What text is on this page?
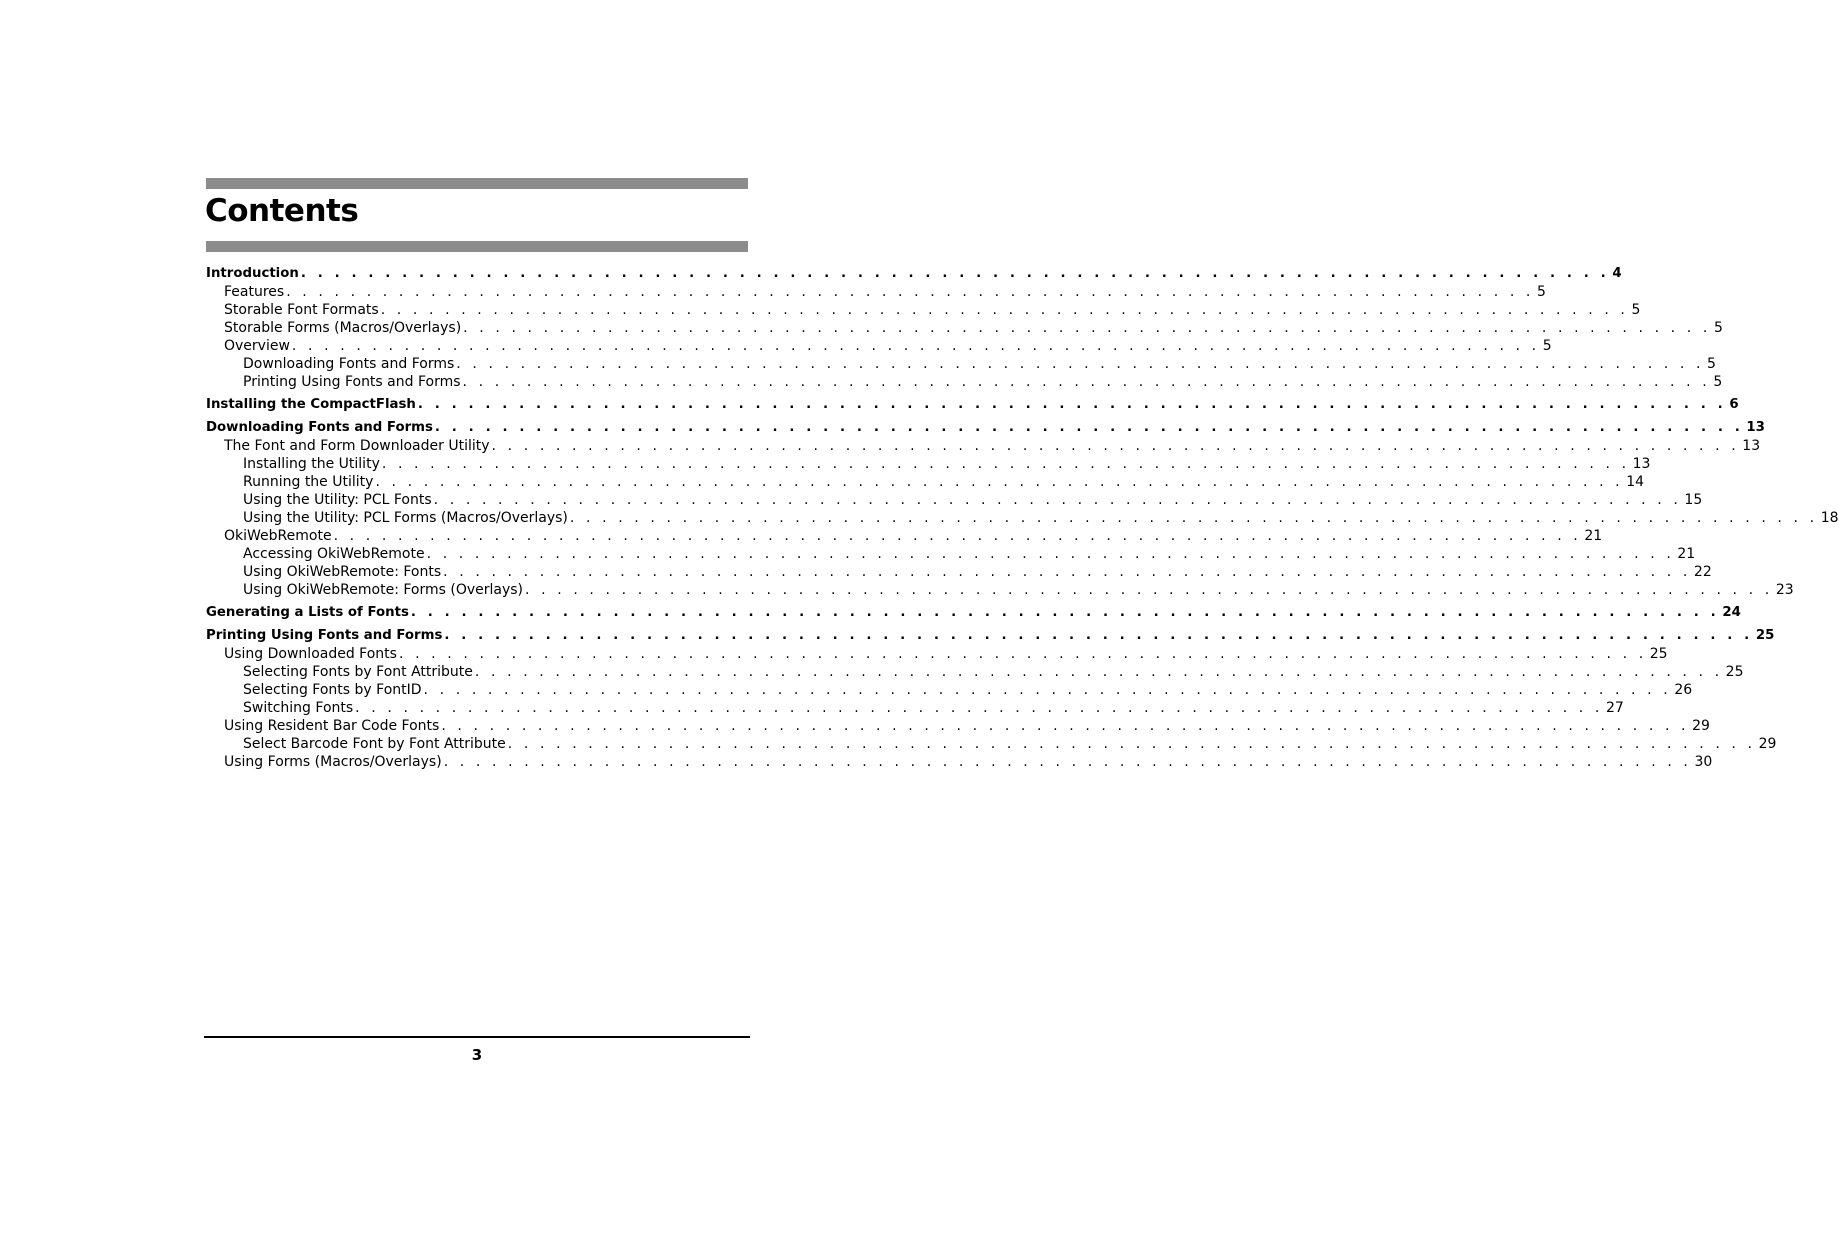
Contents
Introduction . . . . . . . . . . . . . . . . . . . . . . . . . . . . . . . . . . . . . . . . . . . . . . . . . . . . . . . . . . . . . . . . . . . . . . . . . . . . . . 4
Features . . . . . . . . . . . . . . . . . . . . . . . . . . . . . . . . . . . . . . . . . . . . . . . . . . . . . . . . . . . . . . . . . . . . . . . . . . . . . . 5
Storable Font Formats . . . . . . . . . . . . . . . . . . . . . . . . . . . . . . . . . . . . . . . . . . . . . . . . . . . . . . . . . . . . . . . . . . . . . . . . . . . . . . 5
Storable Forms (Macros/Overlays) . . . . . . . . . . . . . . . . . . . . . . . . . . . . . . . . . . . . . . . . . . . . . . . . . . . . . . . . . . . . . . . . . . . . . . . . . . . . . . 5
Overview . . . . . . . . . . . . . . . . . . . . . . . . . . . . . . . . . . . . . . . . . . . . . . . . . . . . . . . . . . . . . . . . . . . . . . . . . . . . . . 5
Downloading Fonts and Forms . . . . . . . . . . . . . . . . . . . . . . . . . . . . . . . . . . . . . . . . . . . . . . . . . . . . . . . . . . . . . . . . . . . . . . . . . . . . . . 5
Printing Using Fonts and Forms . . . . . . . . . . . . . . . . . . . . . . . . . . . . . . . . . . . . . . . . . . . . . . . . . . . . . . . . . . . . . . . . . . . . . . . . . . . . . . 5
Installing the CompactFlash . . . . . . . . . . . . . . . . . . . . . . . . . . . . . . . . . . . . . . . . . . . . . . . . . . . . . . . . . . . . . . . . . . . . . . . . . . . . . . 6
Downloading Fonts and Forms . . . . . . . . . . . . . . . . . . . . . . . . . . . . . . . . . . . . . . . . . . . . . . . . . . . . . . . . . . . . . . . . . . . . . . . . . . . . . . 13
The Font and Form Downloader Utility . . . . . . . . . . . . . . . . . . . . . . . . . . . . . . . . . . . . . . . . . . . . . . . . . . . . . . . . . . . . . . . . . . . . . . . . . . . . . . 13
Installing the Utility . . . . . . . . . . . . . . . . . . . . . . . . . . . . . . . . . . . . . . . . . . . . . . . . . . . . . . . . . . . . . . . . . . . . . . . . . . . . . . 13
Running the Utility . . . . . . . . . . . . . . . . . . . . . . . . . . . . . . . . . . . . . . . . . . . . . . . . . . . . . . . . . . . . . . . . . . . . . . . . . . . . . . 14
Using the Utility: PCL Fonts . . . . . . . . . . . . . . . . . . . . . . . . . . . . . . . . . . . . . . . . . . . . . . . . . . . . . . . . . . . . . . . . . . . . . . . . . . . . . . 15
Using the Utility: PCL Forms (Macros/Overlays) . . . . . . . . . . . . . . . . . . . . . . . . . . . . . . . . . . . . . . . . . . . . . . . . . . . . . . . . . . . . . . . . . . . . . . . . . . . . . . 18
OkiWebRemote . . . . . . . . . . . . . . . . . . . . . . . . . . . . . . . . . . . . . . . . . . . . . . . . . . . . . . . . . . . . . . . . . . . . . . . . . . . . . . 21
Accessing OkiWebRemote . . . . . . . . . . . . . . . . . . . . . . . . . . . . . . . . . . . . . . . . . . . . . . . . . . . . . . . . . . . . . . . . . . . . . . . . . . . . . . 21
Using OkiWebRemote: Fonts . . . . . . . . . . . . . . . . . . . . . . . . . . . . . . . . . . . . . . . . . . . . . . . . . . . . . . . . . . . . . . . . . . . . . . . . . . . . . . 22
Using OkiWebRemote: Forms (Overlays) . . . . . . . . . . . . . . . . . . . . . . . . . . . . . . . . . . . . . . . . . . . . . . . . . . . . . . . . . . . . . . . . . . . . . . . . . . . . . . 23
Generating a Lists of Fonts . . . . . . . . . . . . . . . . . . . . . . . . . . . . . . . . . . . . . . . . . . . . . . . . . . . . . . . . . . . . . . . . . . . . . . . . . . . . . . 24
Printing Using Fonts and Forms . . . . . . . . . . . . . . . . . . . . . . . . . . . . . . . . . . . . . . . . . . . . . . . . . . . . . . . . . . . . . . . . . . . . . . . . . . . . . . 25
Using Downloaded Fonts . . . . . . . . . . . . . . . . . . . . . . . . . . . . . . . . . . . . . . . . . . . . . . . . . . . . . . . . . . . . . . . . . . . . . . . . . . . . . . 25
Selecting Fonts by Font Attribute . . . . . . . . . . . . . . . . . . . . . . . . . . . . . . . . . . . . . . . . . . . . . . . . . . . . . . . . . . . . . . . . . . . . . . . . . . . . . . 25
Selecting Fonts by FontID . . . . . . . . . . . . . . . . . . . . . . . . . . . . . . . . . . . . . . . . . . . . . . . . . . . . . . . . . . . . . . . . . . . . . . . . . . . . . . 26
Switching Fonts . . . . . . . . . . . . . . . . . . . . . . . . . . . . . . . . . . . . . . . . . . . . . . . . . . . . . . . . . . . . . . . . . . . . . . . . . . . . . . 27
Using Resident Bar Code Fonts . . . . . . . . . . . . . . . . . . . . . . . . . . . . . . . . . . . . . . . . . . . . . . . . . . . . . . . . . . . . . . . . . . . . . . . . . . . . . . 29
Select Barcode Font by Font Attribute . . . . . . . . . . . . . . . . . . . . . . . . . . . . . . . . . . . . . . . . . . . . . . . . . . . . . . . . . . . . . . . . . . . . . . . . . . . . . . 29
Using Forms (Macros/Overlays) . . . . . . . . . . . . . . . . . . . . . . . . . . . . . . . . . . . . . . . . . . . . . . . . . . . . . . . . . . . . . . . . . . . . . . . . . . . . . . 30
3
